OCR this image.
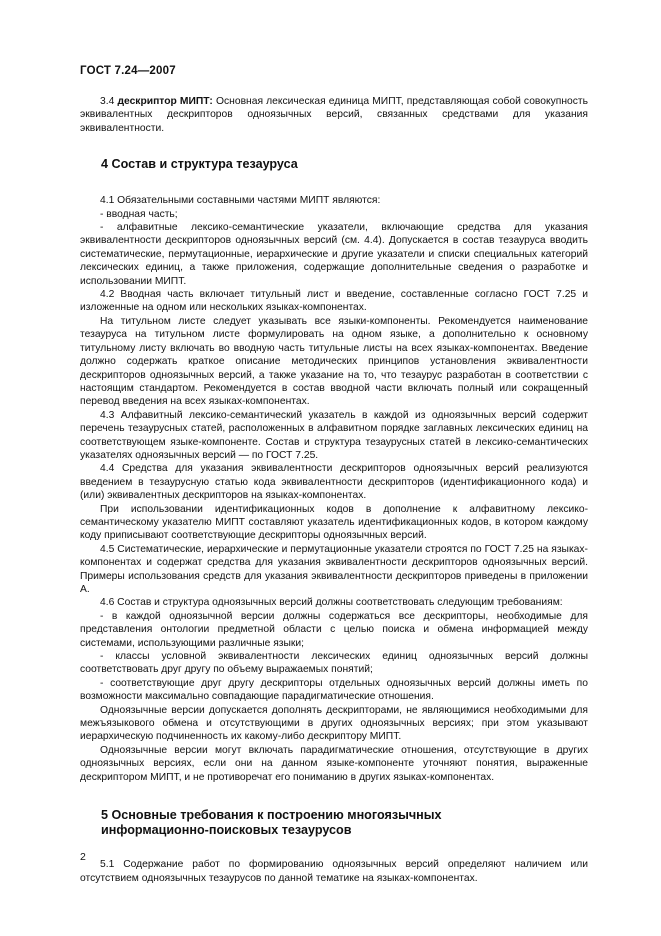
ГОСТ 7.24—2007

3.4 дескриптор МИПТ: Основная лексическая единица МИПТ, представляющая собой совокупность эквивалентных дескрипторов одноязычных версий, связанных средствами для указания эквивалентности.

4 Состав и структура тезауруса

4.1 Обязательными составными частями МИПТ являются:

- вводная часть;

- алфавитные лексико-семантические указатели, включающие средства для указания эквивалентности дескрипторов одноязычных версий (см. 4.4). Допускается в состав тезауруса вводить систематические, пермутационные, иерархические и другие указатели и списки специальных категорий лексических единиц, а также приложения, содержащие дополнительные сведения о разработке и использовании МИПТ.

4.2 Вводная часть включает титульный лист и введение, составленные согласно ГОСТ 7.25 и изложенные на одном или нескольких языках-компонентах.

На титульном листе следует указывать все языки-компоненты. Рекомендуется наименование тезауруса на титульном листе формулировать на одном языке, а дополнительно к основному титульному листу включать во вводную часть титульные листы на всех языках-компонентах. Введение должно содержать краткое описание методических принципов установления эквивалентности дескрипторов одноязычных версий, а также указание на то, что тезаурус разработан в соответствии с настоящим стандартом. Рекомендуется в состав вводной части включать полный или сокращенный перевод введения на всех языках-компонентах.

4.3 Алфавитный лексико-семантический указатель в каждой из одноязычных версий содержит перечень тезаурусных статей, расположенных в алфавитном порядке заглавных лексических единиц на соответствующем языке-компоненте. Состав и структура тезаурусных статей в лексико-семантических указателях одноязычных версий — по ГОСТ 7.25.

4.4 Средства для указания эквивалентности дескрипторов одноязычных версий реализуются введением в тезаурусную статью кода эквивалентности дескрипторов (идентификационного кода) и (или) эквивалентных дескрипторов на языках-компонентах.

При использовании идентификационных кодов в дополнение к алфавитному лексико-семантическому указателю МИПТ составляют указатель идентификационных кодов, в котором каждому коду приписывают соответствующие дескрипторы одноязычных версий.

4.5 Систематические, иерархические и пермутационные указатели строятся по ГОСТ 7.25 на языках-компонентах и содержат средства для указания эквивалентности дескрипторов одноязычных версий. Примеры использования средств для указания эквивалентности дескрипторов приведены в приложении А.

4.6 Состав и структура одноязычных версий должны соответствовать следующим требованиям:

- в каждой одноязычной версии должны содержаться все дескрипторы, необходимые для представления онтологии предметной области с целью поиска и обмена информацией между системами, использующими различные языки;

- классы условной эквивалентности лексических единиц одноязычных версий должны соответствовать друг другу по объему выражаемых понятий;

- соответствующие друг другу дескрипторы отдельных одноязычных версий должны иметь по возможности максимально совпадающие парадигматические отношения.

Одноязычные версии допускается дополнять дескрипторами, не являющимися необходимыми для межъязыкового обмена и отсутствующими в других одноязычных версиях; при этом указывают иерархическую подчиненность их какому-либо дескриптору МИПТ.

Одноязычные версии могут включать парадигматические отношения, отсутствующие в других одноязычных версиях, если они на данном языке-компоненте уточняют понятия, выраженные дескриптором МИПТ, и не противоречат его пониманию в других языках-компонентах.

5 Основные требования к построению многоязычных
информационно-поисковых тезаурусов

5.1 Содержание работ по формированию одноязычных версий определяют наличием или отсутствием одноязычных тезаурусов по данной тематике на языках-компонентах.

2
